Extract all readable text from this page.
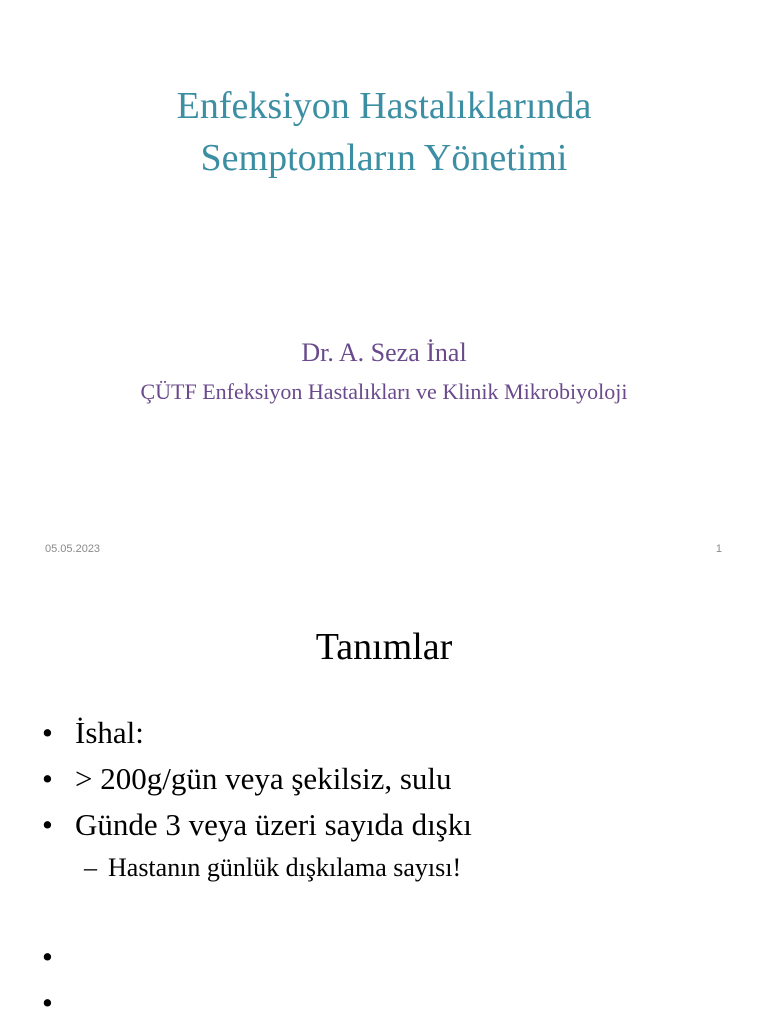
Enfeksiyon Hastalıklarında
Semptomların Yönetimi
Dr. A. Seza İnal
ÇÜTF Enfeksiyon Hastalıkları ve Klinik Mikrobiyoloji
05.05.2023	1
Tanımlar
• İshal:
• > 200g/gün veya şekilsiz, sulu
• Günde 3 veya üzeri sayıda dışkı
– Hastanın günlük dışkılama sayısı!
•
•
